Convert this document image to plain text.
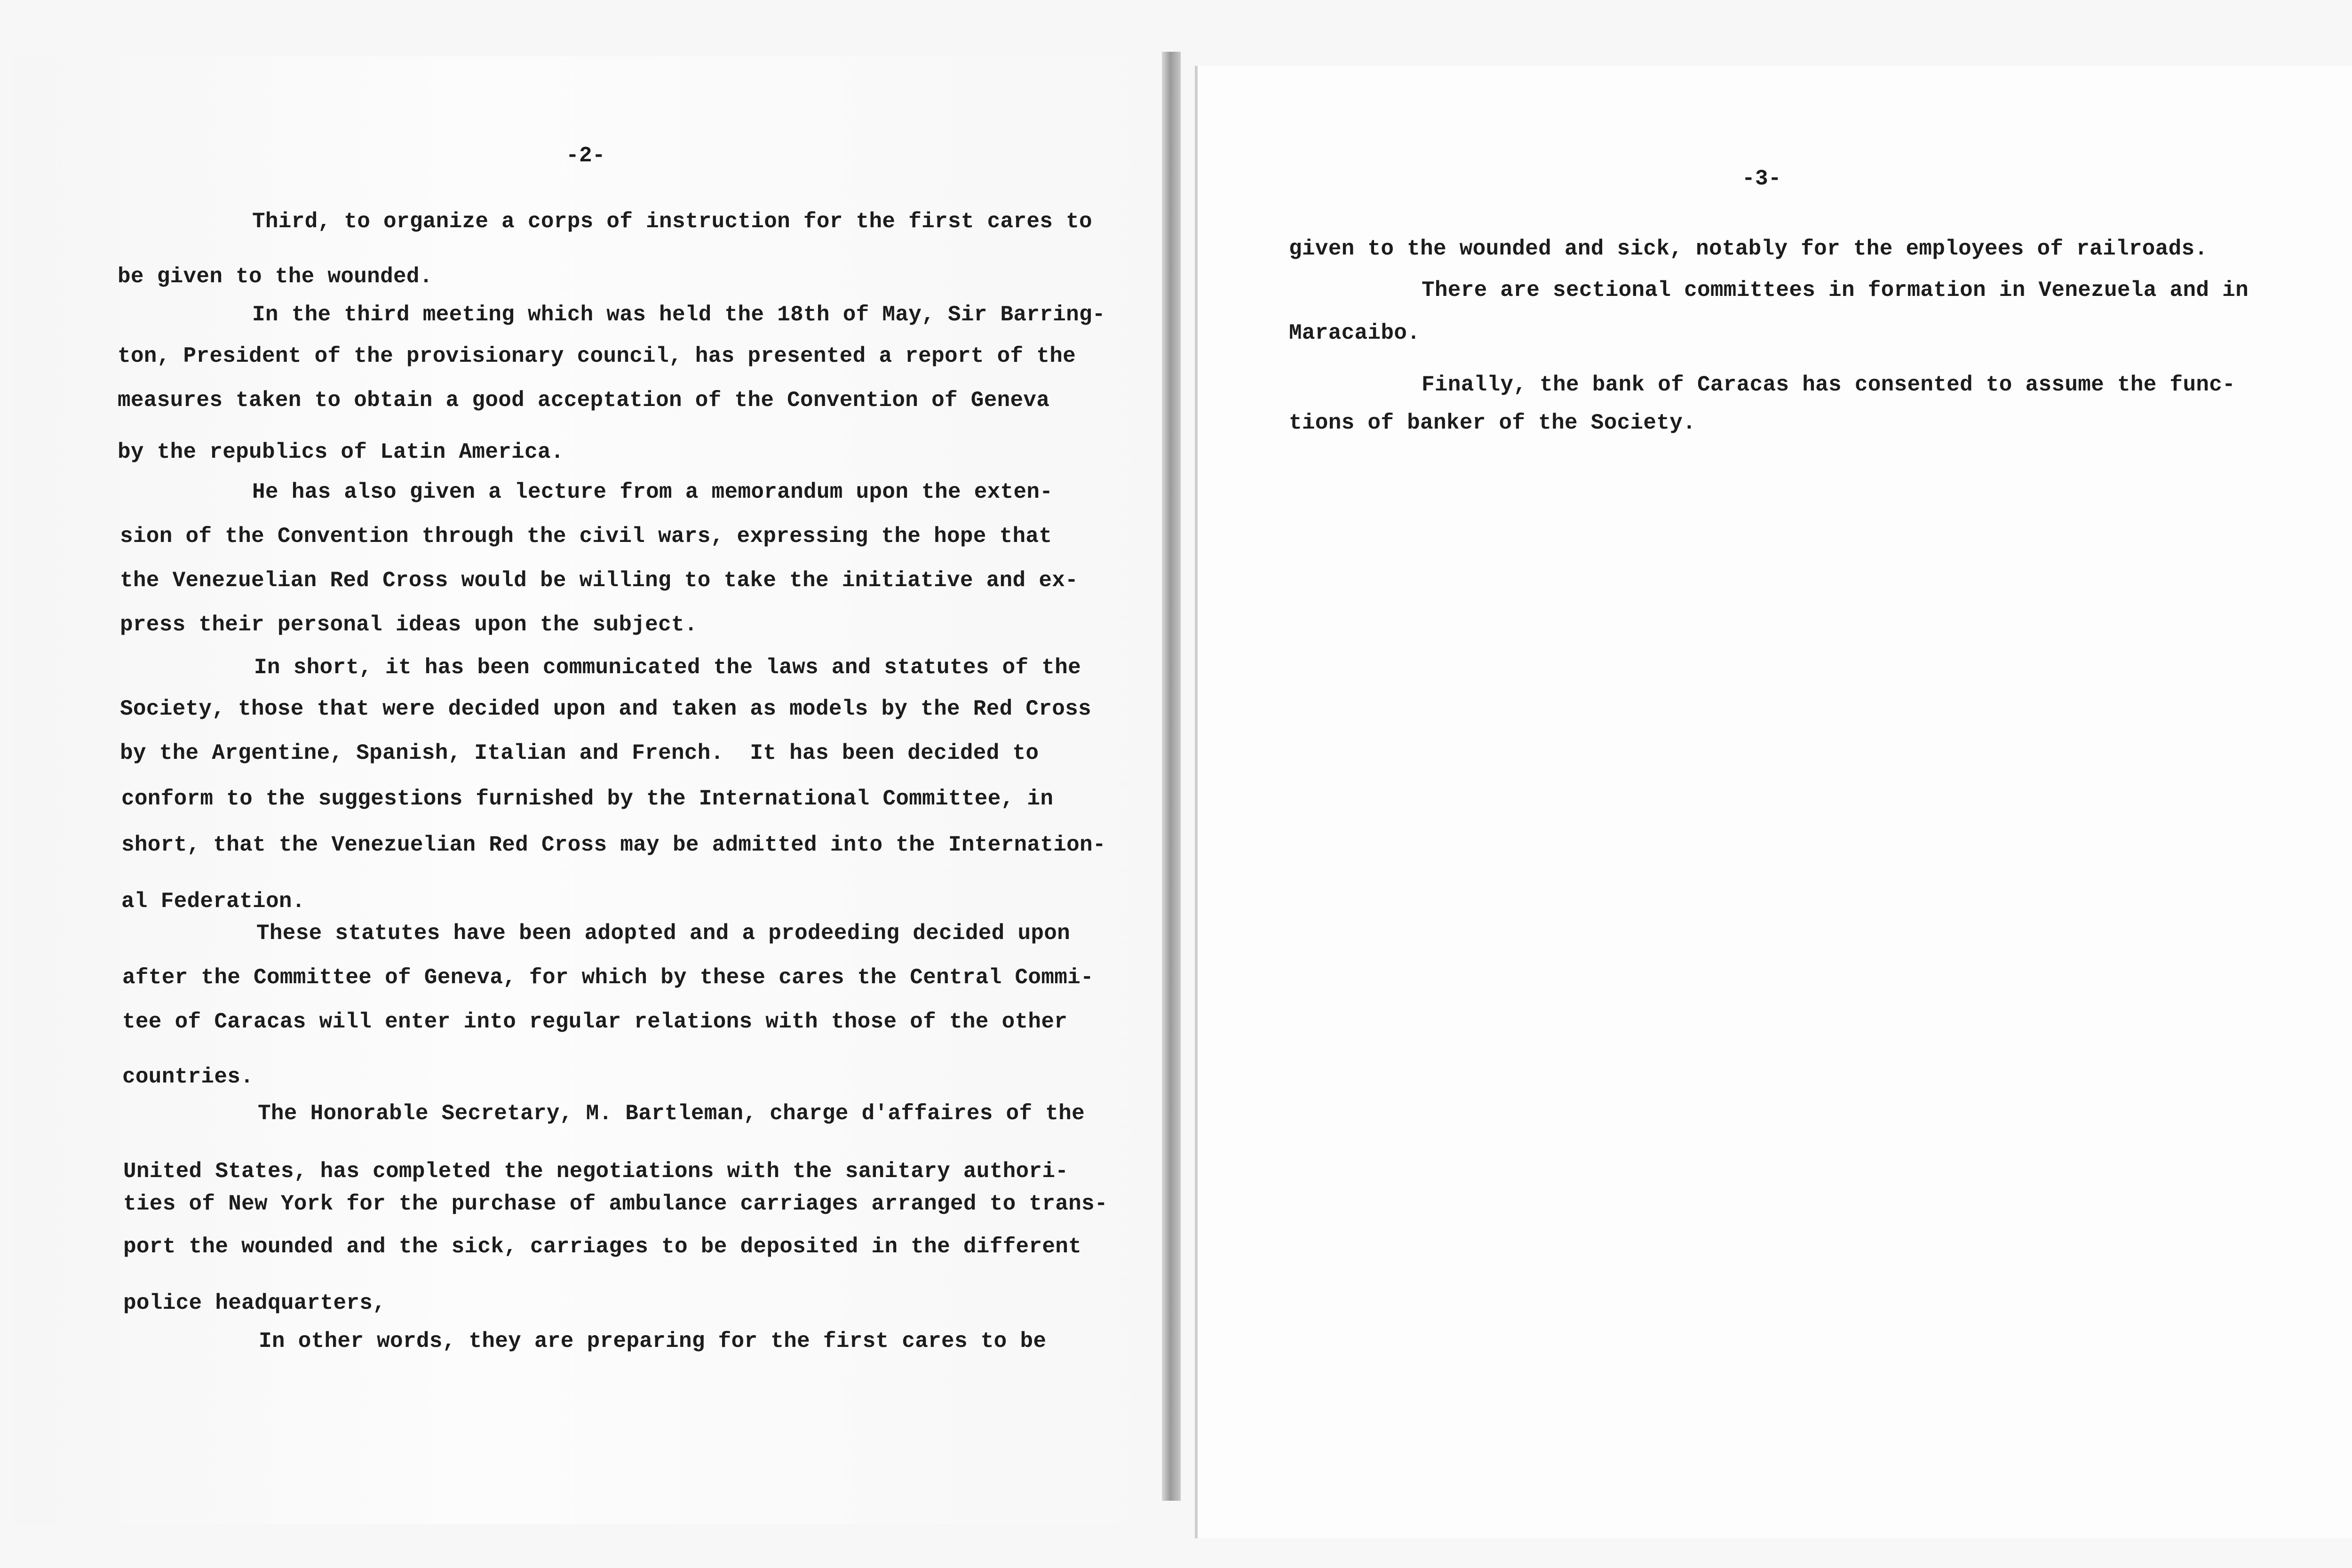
-2-
Third, to organize a corps of instruction for the first cares to
be given to the wounded.
In the third meeting which was held the 18th of May, Sir Barring-
ton, President of the provisionary council, has presented a report of the
measures taken to obtain a good acceptation of the Convention of Geneva
by the republics of Latin America.
He has also given a lecture from a memorandum upon the exten-
sion of the Convention through the civil wars, expressing the hope that
the Venezuelian Red Cross would be willing to take the initiative and ex-
press their personal ideas upon the subject.
In short, it has been communicated the laws and statutes of the
Society, those that were decided upon and taken as models by the Red Cross
by the Argentine, Spanish, Italian and French.  It has been decided to
conform to the suggestions furnished by the International Committee, in
short, that the Venezuelian Red Cross may be admitted into the Internation-
al Federation.
These statutes have been adopted and a prodeeding decided upon
after the Committee of Geneva, for which by these cares the Central Commi-
tee of Caracas will enter into regular relations with those of the other
countries.
The Honorable Secretary, M. Bartleman, charge d'affaires of the
United States, has completed the negotiations with the sanitary authori-
ties of New York for the purchase of ambulance carriages arranged to trans-
port the wounded and the sick, carriages to be deposited in the different
police headquarters,
In other words, they are preparing for the first cares to be
-3-
given to the wounded and sick, notably for the employees of railroads.
There are sectional committees in formation in Venezuela and in
Maracaibo.
Finally, the bank of Caracas has consented to assume the func-
tions of banker of the Society.
